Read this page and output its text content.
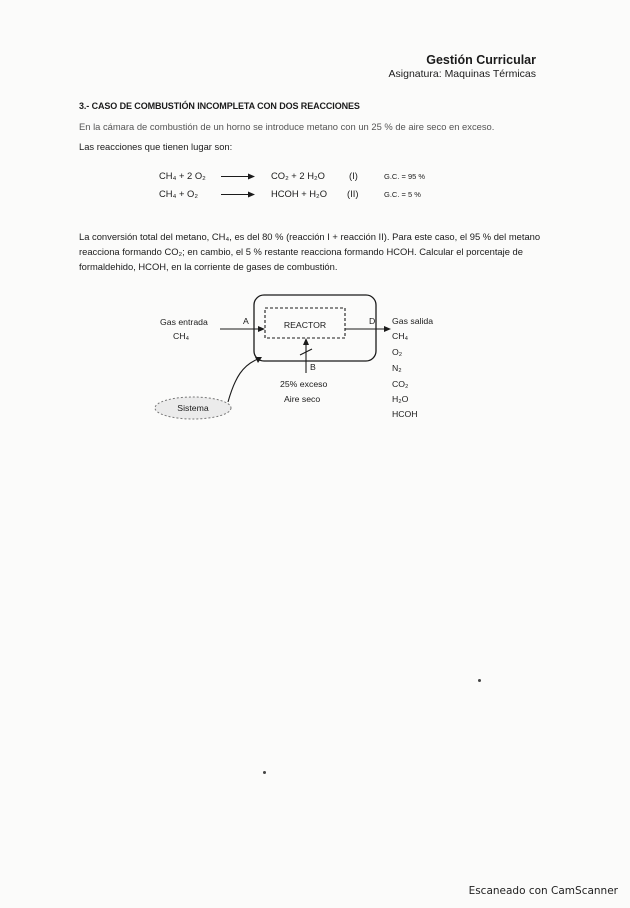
Gestión Curricular
Asignatura: Maquinas Térmicas
3.- CASO DE COMBUSTIÓN INCOMPLETA CON DOS REACCIONES
En la cámara de combustión de un horno se introduce metano con un 25 % de aire seco en exceso.
Las reacciones que tienen lugar son:
CH₄ + 2 O₂ → CO₂ + 2 H₂O	(I)	G.C. = 95 %
CH₄ + O₂ → HCOH + H₂O (II)	G.C. = 5 %
La conversión total del metano, CH₄, es del 80 % (reacción I + reacción II). Para este caso, el 95 % del metano reacciona formando CO₂; en cambio, el 5 % restante reacciona formando HCOH. Calcular el porcentaje de formaldehido, HCOH, en la corriente de gases de combustión.
REACTOR
Gas entrada
CH₄
A	D Gas salida
CH₄
O₂
N₂
CO₂
H₂O
HCOH
B
25% exceso
Aire seco
Sistema
Escaneado con CamScanner
